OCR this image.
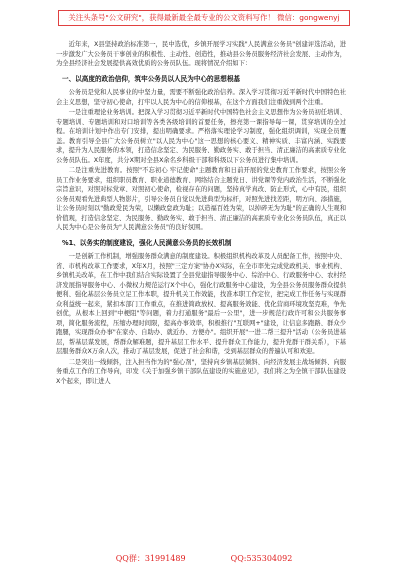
关注头条号"公文研究"，获得最新最全最专业的公文资料写作！ 微信：gongwenyj

近年来，X县坚持政治标准第一，民中选优，乡镇开展学习实践"人民满意公务员"创建评选活动，进一步激发广大公务员干事创业的积极性、主动性、创造性，推动县公务员服务经济社会发展、主动作为，为全县经济社会发展提供高效优质的公务员队伍。现将情况介绍如下：

一、以高度的政治信仰，筑牢公务员以人民为中心的思想根基

公务员是党和人民事业的中坚力量，需要不断强化政治信养。深入学习贯彻习近平新时代中国特色社会主义思想，坚守初心使命，打牢以人民为中心的信仰根基，在这个方面我们注重做到两个注重。

一是注重理论业务培训。把深入学习贯彻习近平新时代中国特色社会主义思想作为公务员初任培训、专题培训、专题培训和对口培训等各类各级培训的首要任务，擦亮第一课指导每一课，贯穿培训的全过程。在培训计划中作出专门安排，提出明确要求。严格落实理论学习制度，强化组织调训，实现全员覆盖。教育引导全县广大公务员树立"以人民为中心"这一思想的核心要义、精神实质、丰富内涵、实践要求，提升为人民服务的本领，打造信念坚定、为民服务、勤政务实、敢于担当、清正廉洁的高素质专业化公务员队伍。X年度，共分X期对全县X余名乡科级干部和科级以下公务员进行集中培训。

二是注重先进教育。按照"不忘初心 牢记使命"主题教育和日前开展的党史教育工作要求，按照公务员工作业务要求，组织职员教育、职业道德教育、网络结合主题党日、讲党课等党内政治生活，不断强化宗旨意识，对照对标党章、对照初心使命，检视存在的问题，坚持真学真改、防止形式，心中有民，组织公务员观看先进典型人物影片，引导公务员自觉以先进典型为标杆，对照先进找差距，明方向、添措施，让公务员时刻以"勤政爱民为荣，以懒政怠政为耻；以造福百姓为荣，以掉碎无为为耻"的正确的人生观和价值观，打造信念坚定、为民服务、勤政务实、敢于担当、清正廉洁的高素质专业化公务员队伍，真正以人民为中心是公务员为"人民满意公务员"的良好氛围。

%1、以务实的制度建设，强化人民满意公务员的长效机制

一是创新工作机制，增强服务群众满意的制度建设。积极组织机构改革及人员配备工作，按照中央、省、市机构改革工作要求，X年X月，按照"三定方案"协办X实际，在全市率先完成党政机关、事业机构、乡镇机关改革，在工作中我们结合实际设置了全县党建指导服务中心、综治中心、行政服务中心、农村经济发展指导服务中心、小微权力规范运行X个中心，强化行政服务中心建设，为全县公务员服务群众提供便利、强化基层公务员立足工作本职，提升机关工作效能，找准本职工作定位，把完成工作任务与实现群众利益统一起来，紧扣本部门工作重点，在推进简政放权、提高服务效能、优化营商环境攻坚克难，争先创优，从根本上回到"中梗阻"等问题，着力打通服务"最后一公里"，进一步规范行政许可和公共服务事项，简化服务流程，压缩办理时间限，提高办事效率，积极推行"互联网+"建设，让信息多跑路、群众少跑腿，实现群众办事"在家办、自助办、就近办、方便办"。组织开展"一进二帮三提升"活动（公务员进基层，帮基层谋发展，帮群众解难题，提升基层工作水平、提升群众工作能力，提升党群干群关系），下基层服务群众X万余人次，推动了基层发展，促进了社会和谐，受到基层群众的普遍认可和欢迎。

二是突出一线倾斜，注入担当作为的"强心剂"，坚持向乡镇基层倾斜、向经济发展主战场倾斜、向服务重点工作的工作导向，印发《关于加强乡镇干部队伍建设的实施意见》，我们将之为全镇干部队伍建设X个起来，即让进人

QQ群：31991489	QQ:535304092
